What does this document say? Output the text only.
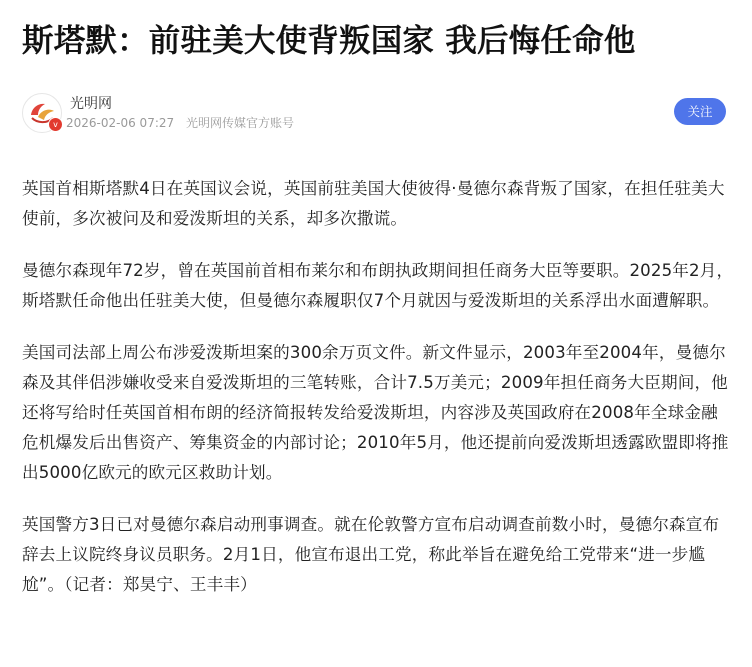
斯塔默：前驻美大使背叛国家 我后悔任命他
v
光明网
2026-02-06 07:27 光明网传媒官方账号
关注

英国首相斯塔默4日在英国议会说，英国前驻美国大使彼得·曼德尔森背叛了国家，在担任驻美大使前，多次被问及和爱泼斯坦的关系，却多次撒谎。

曼德尔森现年72岁，曾在英国前首相布莱尔和布朗执政期间担任商务大臣等要职。2025年2月，斯塔默任命他出任驻美大使，但曼德尔森履职仅7个月就因与爱泼斯坦的关系浮出水面遭解职。

美国司法部上周公布涉爱泼斯坦案的300余万页文件。新文件显示，2003年至2004年，曼德尔森及其伴侣涉嫌收受来自爱泼斯坦的三笔转账，合计7.5万美元；2009年担任商务大臣期间，他还将写给时任英国首相布朗的经济简报转发给爱泼斯坦，内容涉及英国政府在2008年全球金融危机爆发后出售资产、筹集资金的内部讨论；2010年5月，他还提前向爱泼斯坦透露欧盟即将推出5000亿欧元的欧元区救助计划。

英国警方3日已对曼德尔森启动刑事调查。就在伦敦警方宣布启动调查前数小时，曼德尔森宣布辞去上议院终身议员职务。2月1日，他宣布退出工党，称此举旨在避免给工党带来“进一步尴尬”。（记者：郑昊宁、王丰丰）
